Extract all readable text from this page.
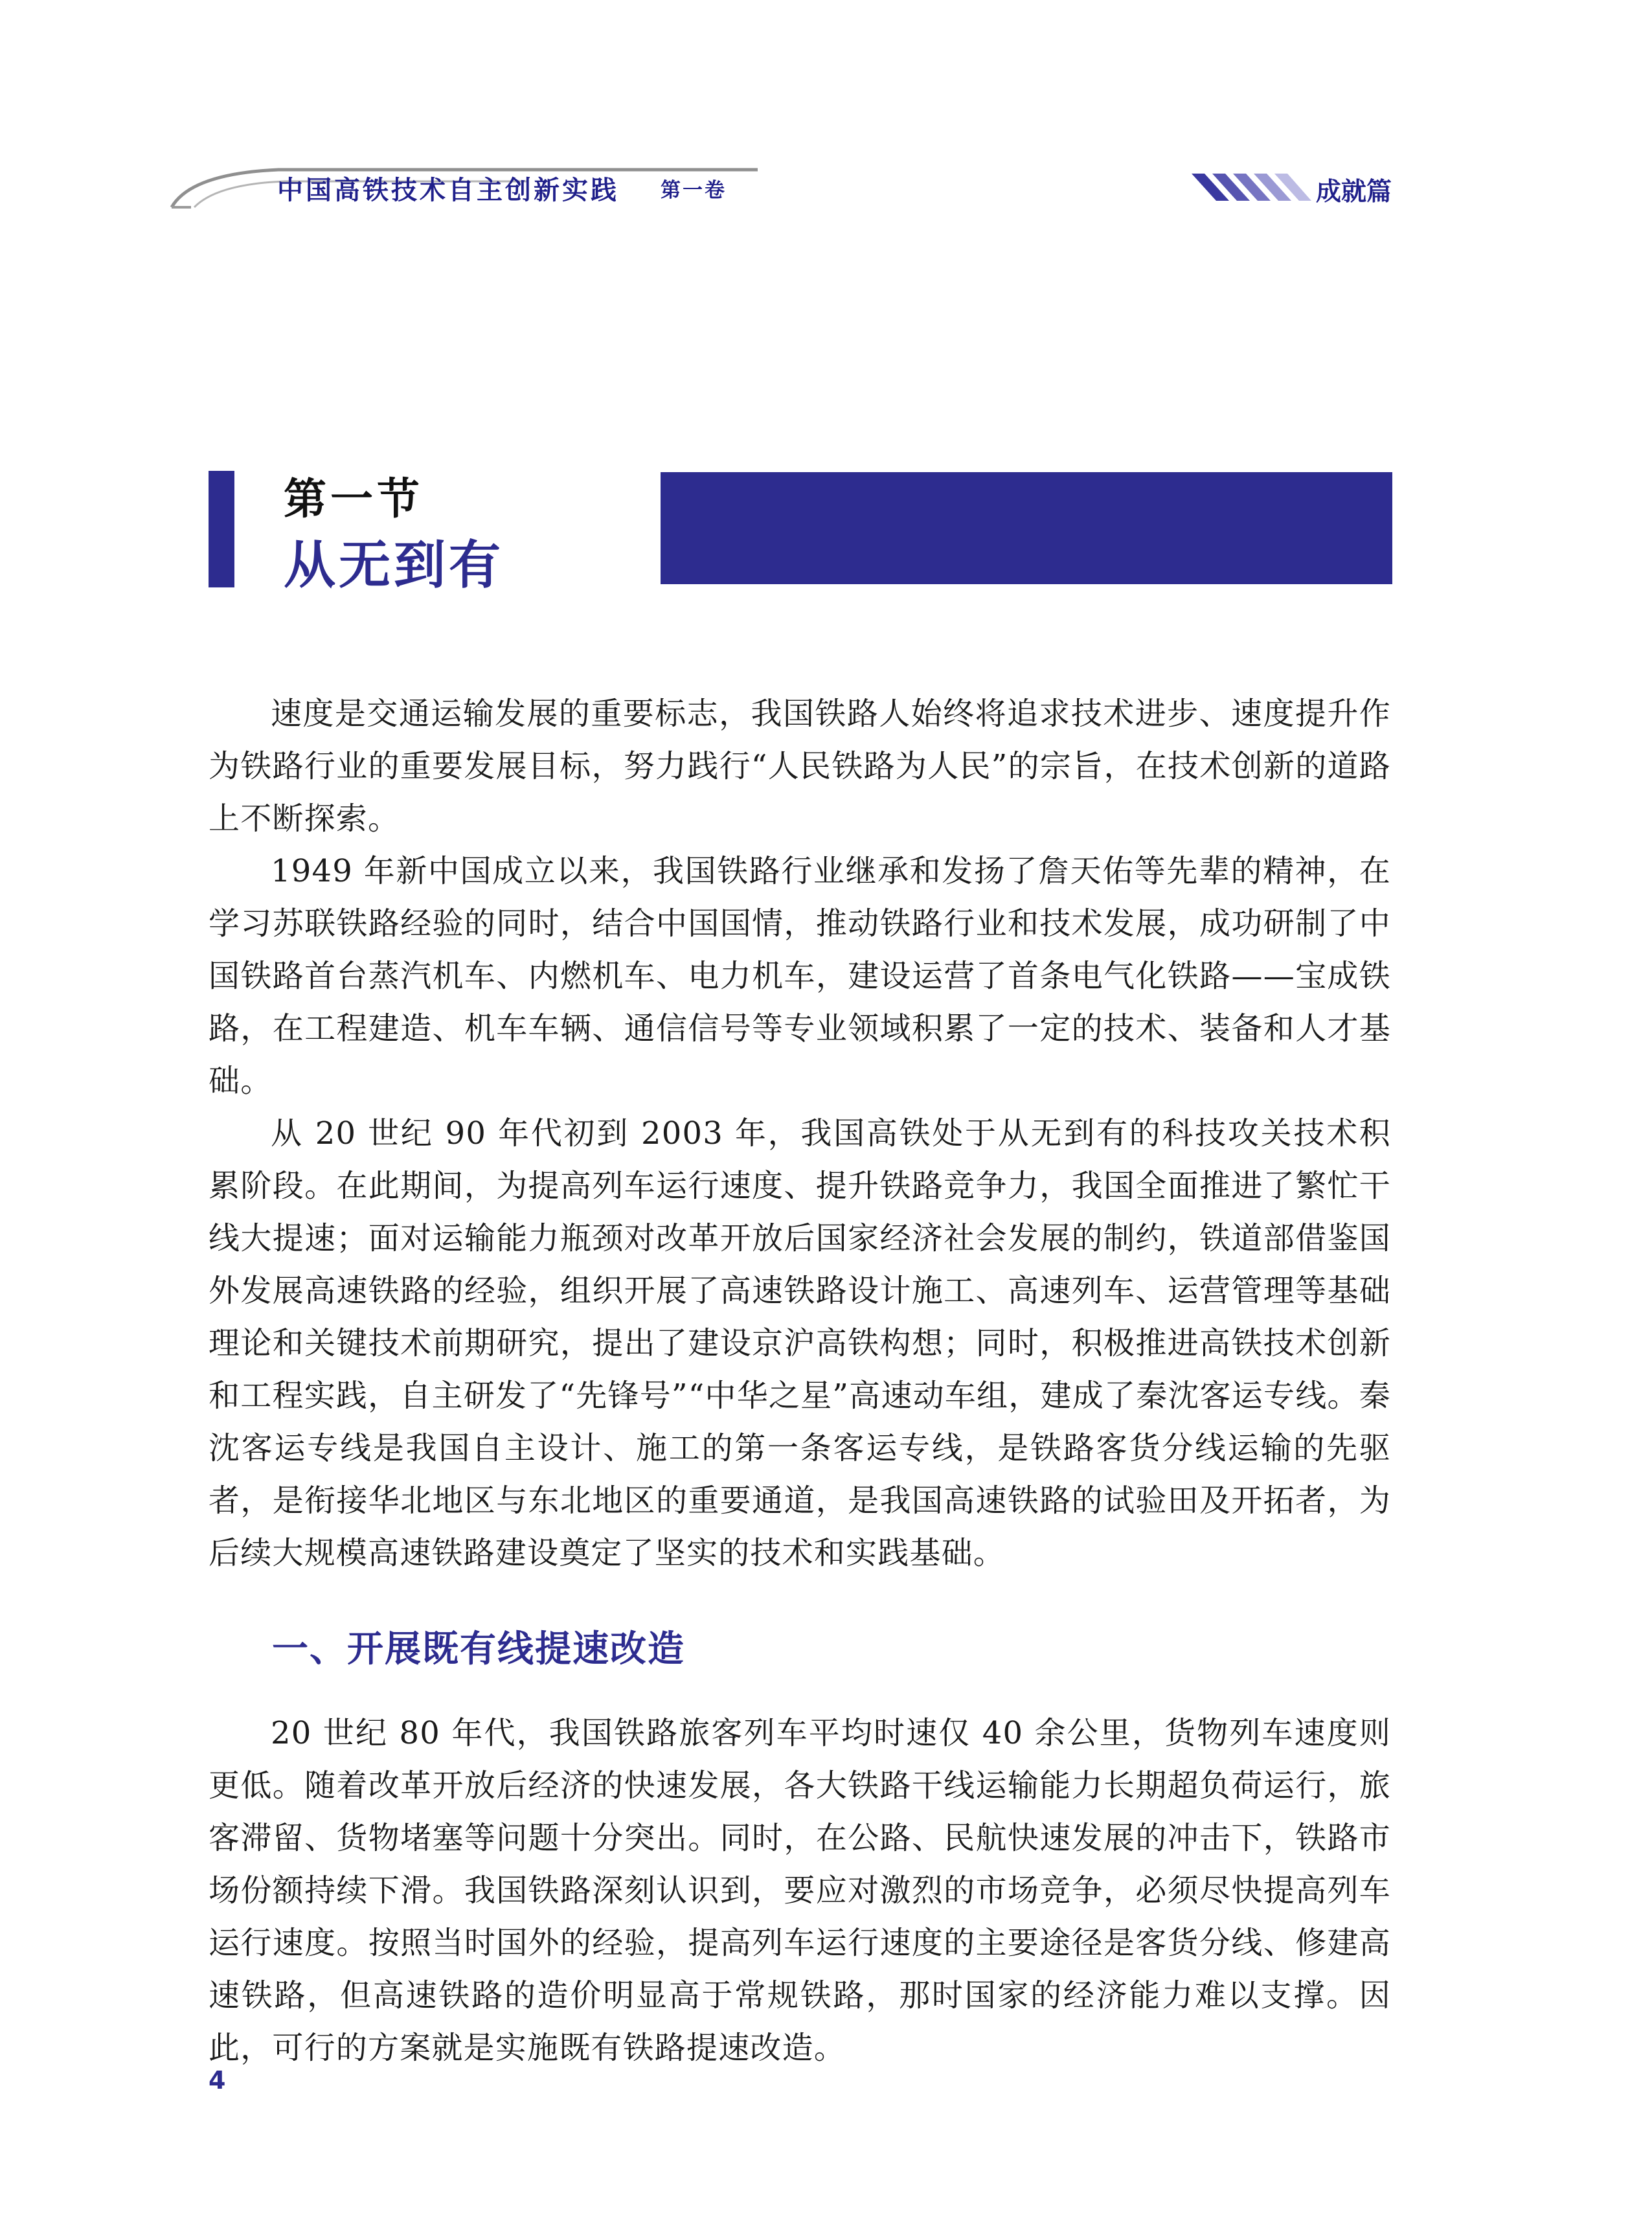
中国高铁技术自主创新实践 第一卷	成就篇
第一节
从无到有

速度是交通运输发展的重要标志，我国铁路人始终将追求技术进步、速度提升作为铁路行业的重要发展目标，努力践行“人民铁路为人民”的宗旨，在技术创新的道路上不断探索。

1949 年新中国成立以来，我国铁路行业继承和发扬了詹天佑等先辈的精神，在学习苏联铁路经验的同时，结合中国国情，推动铁路行业和技术发展，成功研制了中国铁路首台蒸汽机车、内燃机车、电力机车，建设运营了首条电气化铁路——宝成铁路，在工程建造、机车车辆、通信信号等专业领域积累了一定的技术、装备和人才基础。

从 20 世纪 90 年代初到 2003 年，我国高铁处于从无到有的科技攻关技术积累阶段。在此期间，为提高列车运行速度、提升铁路竞争力，我国全面推进了繁忙干线大提速；面对运输能力瓶颈对改革开放后国家经济社会发展的制约，铁道部借鉴国外发展高速铁路的经验，组织开展了高速铁路设计施工、高速列车、运营管理等基础理论和关键技术前期研究，提出了建设京沪高铁构想；同时，积极推进高铁技术创新和工程实践，自主研发了“先锋号”“中华之星”高速动车组，建成了秦沈客运专线。秦沈客运专线是我国自主设计、施工的第一条客运专线，是铁路客货分线运输的先驱者，是衔接华北地区与东北地区的重要通道，是我国高速铁路的试验田及开拓者，为后续大规模高速铁路建设奠定了坚实的技术和实践基础。

一、开展既有线提速改造

20 世纪 80 年代，我国铁路旅客列车平均时速仅 40 余公里，货物列车速度则更低。随着改革开放后经济的快速发展，各大铁路干线运输能力长期超负荷运行，旅客滞留、货物堵塞等问题十分突出。同时，在公路、民航快速发展的冲击下，铁路市场份额持续下滑。我国铁路深刻认识到，要应对激烈的市场竞争，必须尽快提高列车运行速度。按照当时国外的经验，提高列车运行速度的主要途径是客货分线、修建高速铁路，但高速铁路的造价明显高于常规铁路，那时国家的经济能力难以支撑。因此，可行的方案就是实施既有铁路提速改造。

4
